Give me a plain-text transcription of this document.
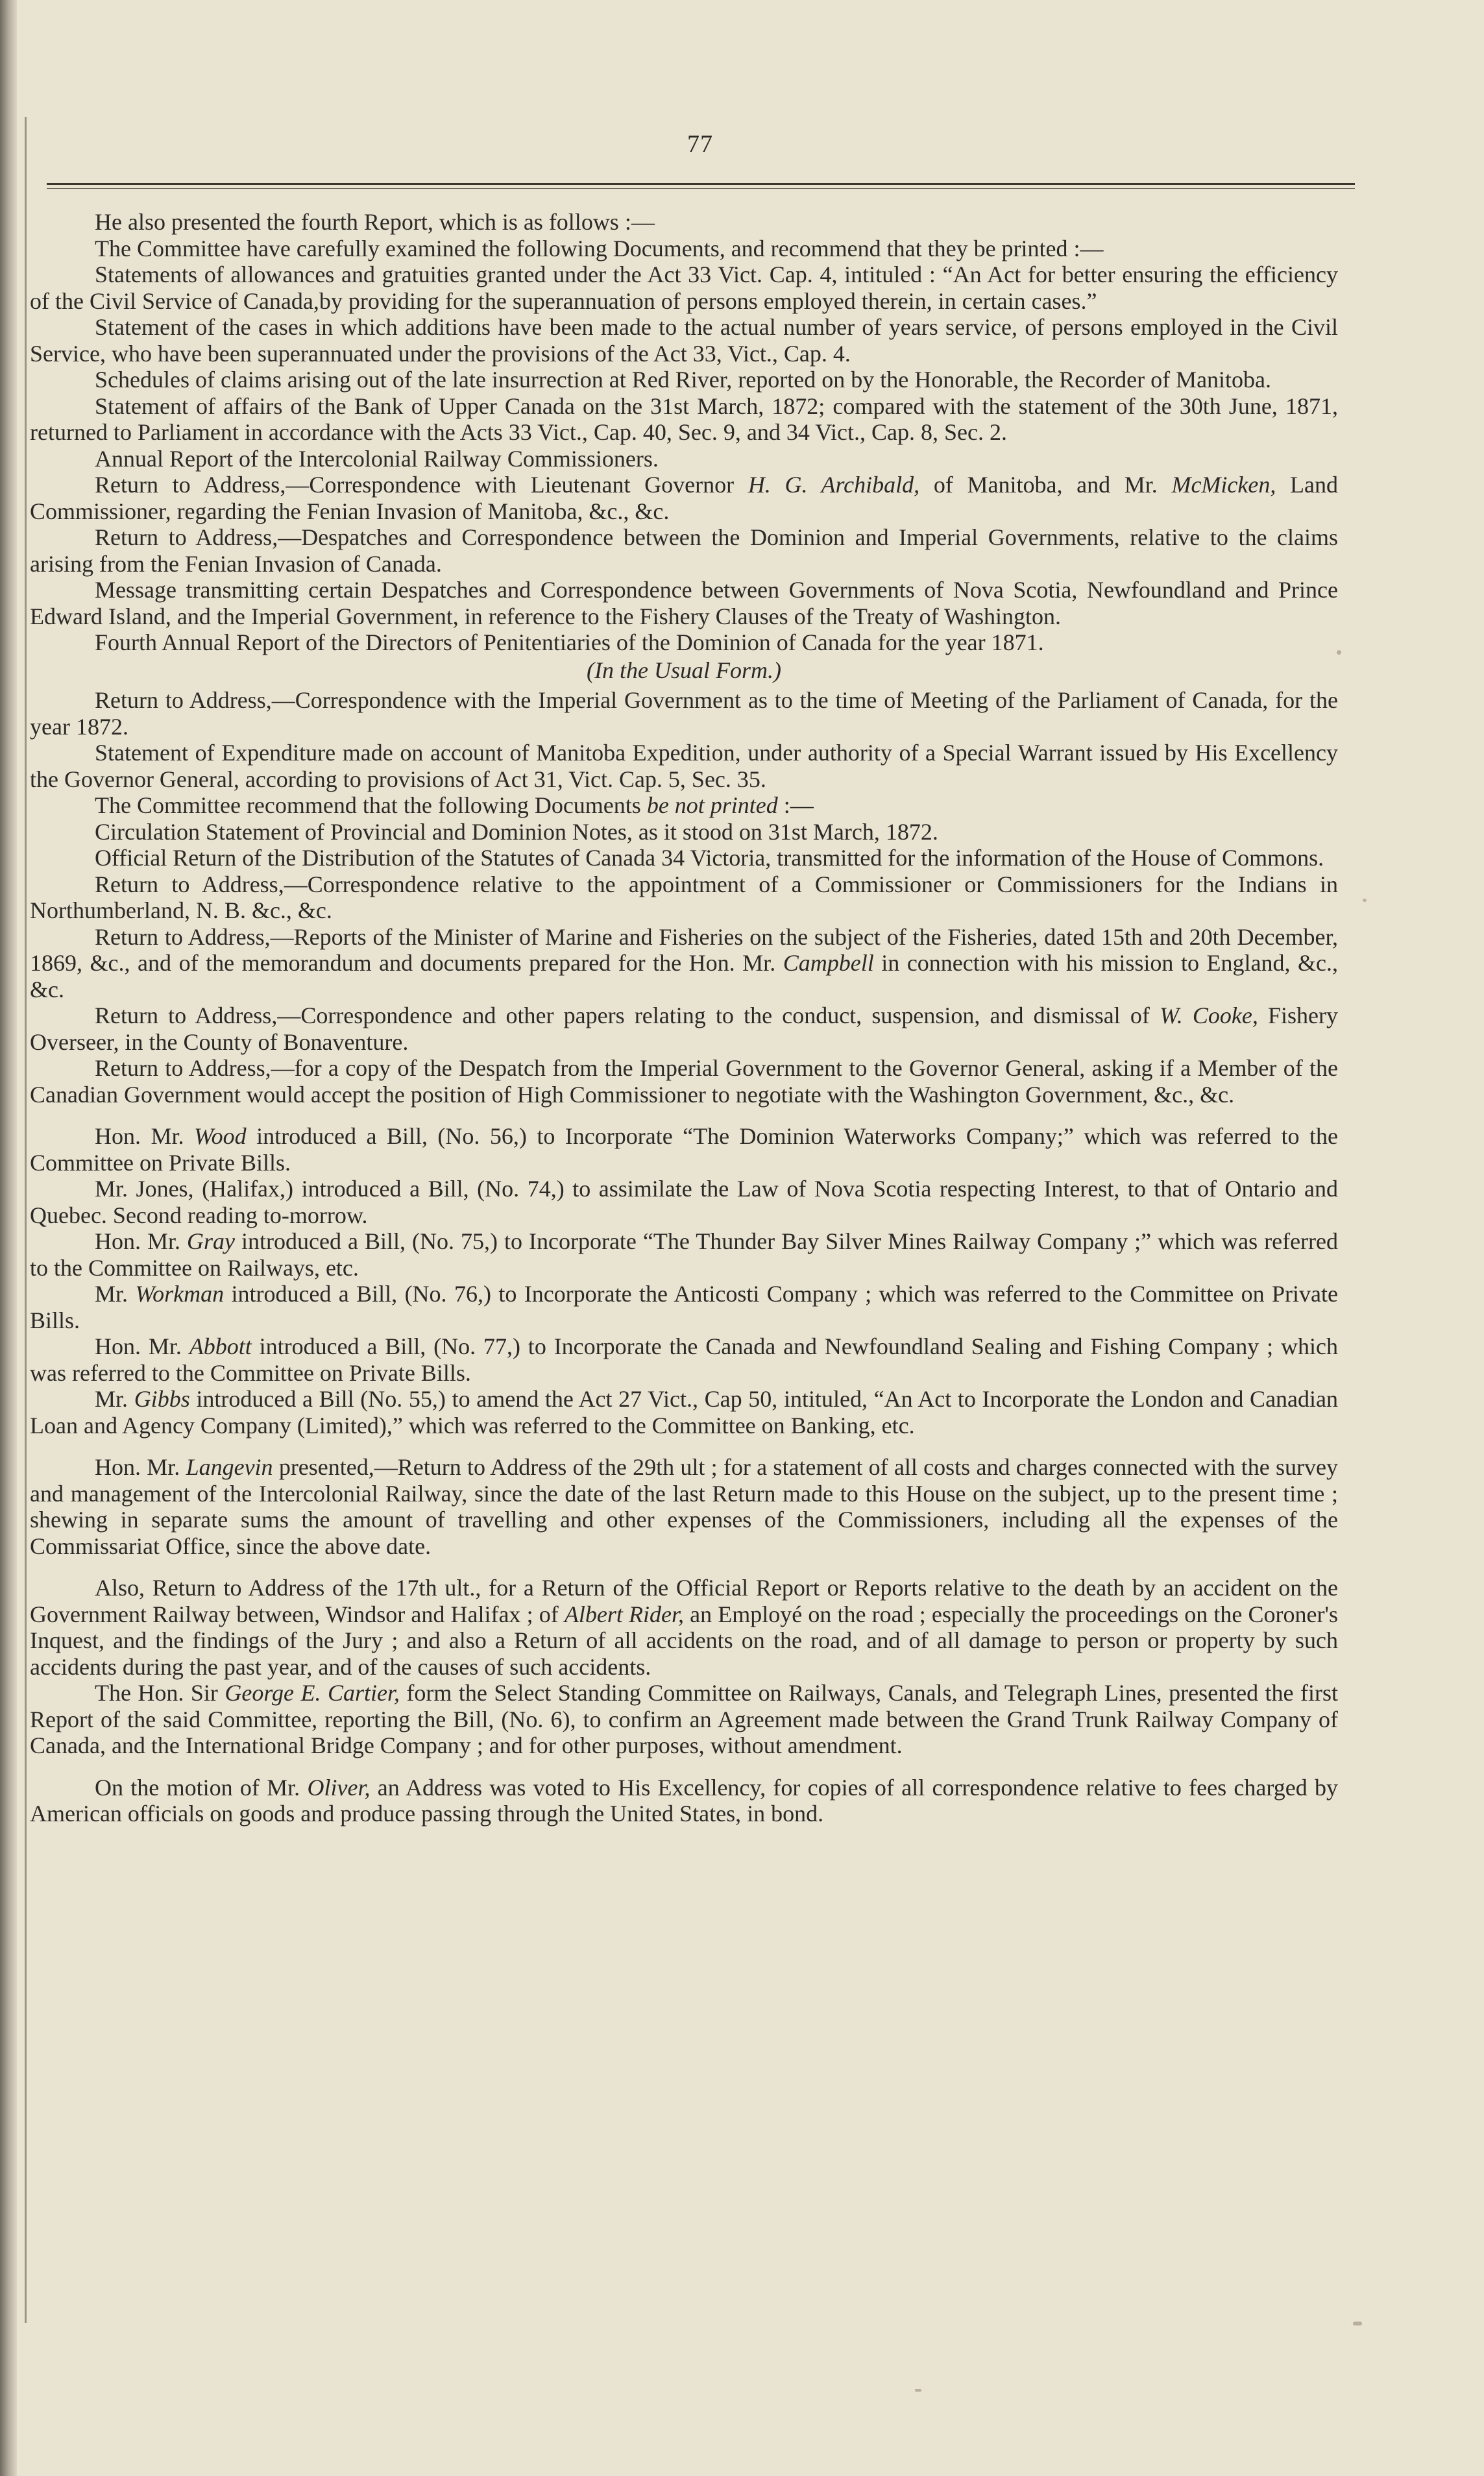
77

He also presented the fourth Report, which is as follows :—

The Committee have carefully examined the following Documents, and recommend that they be printed :—

Statements of allowances and gratuities granted under the Act 33 Vict. Cap. 4, intituled : “An Act for better ensuring the efficiency of the Civil Service of Canada,by providing for the superannuation of persons employed therein, in certain cases.”

Statement of the cases in which additions have been made to the actual number of years service, of persons employed in the Civil Service, who have been superannuated under the provisions of the Act 33, Vict., Cap. 4.

Schedules of claims arising out of the late insurrection at Red River, reported on by the Honorable, the Recorder of Manitoba.

Statement of affairs of the Bank of Upper Canada on the 31st March, 1872; compared with the statement of the 30th June, 1871, returned to Parliament in accordance with the Acts 33 Vict., Cap. 40, Sec. 9, and 34 Vict., Cap. 8, Sec. 2.

Annual Report of the Intercolonial Railway Commissioners.

Return to Address,—Correspondence with Lieutenant Governor H. G. Archibald, of Manitoba, and Mr. McMicken, Land Commissioner, regarding the Fenian Invasion of Manitoba, &c., &c.

Return to Address,—Despatches and Correspondence between the Dominion and Imperial Governments, relative to the claims arising from the Fenian Invasion of Canada.

Message transmitting certain Despatches and Correspondence between Governments of Nova Scotia, Newfoundland and Prince Edward Island, and the Imperial Government, in reference to the Fishery Clauses of the Treaty of Washington.

Fourth Annual Report of the Directors of Penitentiaries of the Dominion of Canada for the year 1871.

(In the Usual Form.)

Return to Address,—Correspondence with the Imperial Government as to the time of Meeting of the Parliament of Canada, for the year 1872.

Statement of Expenditure made on account of Manitoba Expedition, under authority of a Special Warrant issued by His Excellency the Governor General, according to provisions of Act 31, Vict. Cap. 5, Sec. 35.

The Committee recommend that the following Documents be not printed :—

Circulation Statement of Provincial and Dominion Notes, as it stood on 31st March, 1872.

Official Return of the Distribution of the Statutes of Canada 34 Victoria, transmitted for the information of the House of Commons.

Return to Address,—Correspondence relative to the appointment of a Commissioner or Commissioners for the Indians in Northumberland, N. B. &c., &c.

Return to Address,—Reports of the Minister of Marine and Fisheries on the subject of the Fisheries, dated 15th and 20th December, 1869, &c., and of the memorandum and documents prepared for the Hon. Mr. Campbell in connection with his mission to England, &c., &c.

Return to Address,—Correspondence and other papers relating to the conduct, suspension, and dismissal of W. Cooke, Fishery Overseer, in the County of Bonaventure.

Return to Address,—for a copy of the Despatch from the Imperial Government to the Governor General, asking if a Member of the Canadian Government would accept the position of High Commissioner to negotiate with the Washington Government, &c., &c.

Hon. Mr. Wood introduced a Bill, (No. 56,) to Incorporate “The Dominion Waterworks Company;” which was referred to the Committee on Private Bills.

Mr. Jones, (Halifax,) introduced a Bill, (No. 74,) to assimilate the Law of Nova Scotia respecting Interest, to that of Ontario and Quebec. Second reading to-morrow.

Hon. Mr. Gray introduced a Bill, (No. 75,) to Incorporate “The Thunder Bay Silver Mines Railway Company ;” which was referred to the Committee on Railways, etc.

Mr. Workman introduced a Bill, (No. 76,) to Incorporate the Anticosti Company ; which was referred to the Committee on Private Bills.

Hon. Mr. Abbott introduced a Bill, (No. 77,) to Incorporate the Canada and Newfoundland Sealing and Fishing Company ; which was referred to the Committee on Private Bills.

Mr. Gibbs introduced a Bill (No. 55,) to amend the Act 27 Vict., Cap 50, intituled, “An Act to Incorporate the London and Canadian Loan and Agency Company (Limited),” which was referred to the Committee on Banking, etc.

Hon. Mr. Langevin presented,—Return to Address of the 29th ult ; for a statement of all costs and charges connected with the survey and management of the Intercolonial Railway, since the date of the last Return made to this House on the subject, up to the present time ; shewing in separate sums the amount of travelling and other expenses of the Commissioners, including all the expenses of the Commissariat Office, since the above date.

Also, Return to Address of the 17th ult., for a Return of the Official Report or Reports relative to the death by an accident on the Government Railway between, Windsor and Halifax ; of Albert Rider, an Employé on the road ; especially the proceedings on the Coroner's Inquest, and the findings of the Jury ; and also a Return of all accidents on the road, and of all damage to person or property by such accidents during the past year, and of the causes of such accidents.

The Hon. Sir George E. Cartier, form the Select Standing Committee on Railways, Canals, and Telegraph Lines, presented the first Report of the said Committee, reporting the Bill, (No. 6), to confirm an Agreement made between the Grand Trunk Railway Company of Canada, and the International Bridge Company ; and for other purposes, without amendment.

On the motion of Mr. Oliver, an Address was voted to His Excellency, for copies of all correspondence relative to fees charged by American officials on goods and produce passing through the United States, in bond.
